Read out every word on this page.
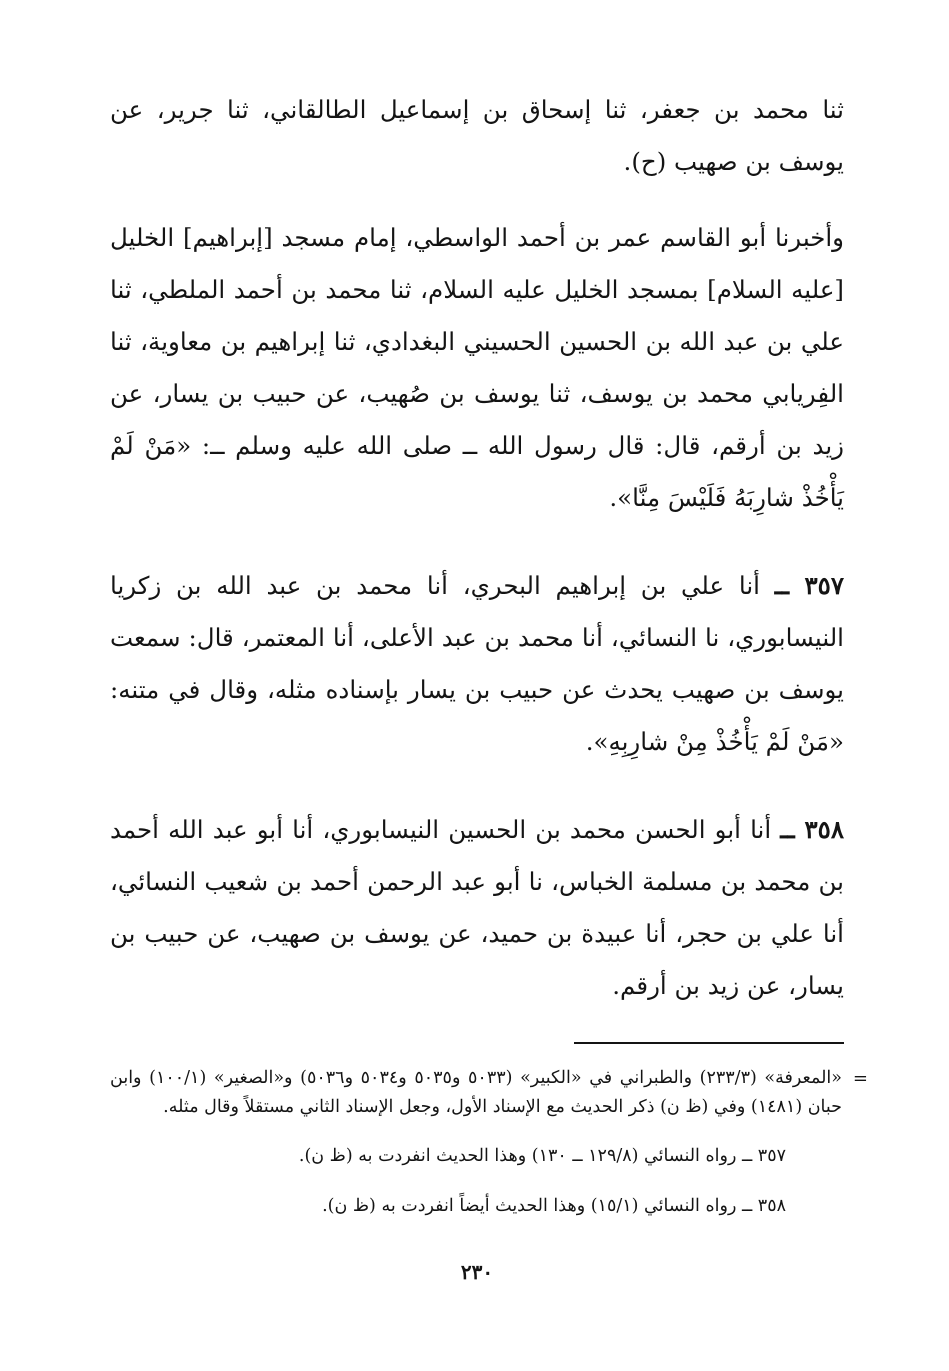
ثنا محمد بن جعفر، ثنا إسحاق بن إسماعيل الطالقاني، ثنا جرير، عن يوسف بن صهيب (ح).

وأخبرنا أبو القاسم عمر بن أحمد الواسطي، إمام مسجد [إبراهيم] الخليل [عليه السلام] بمسجد الخليل عليه السلام، ثنا محمد بن أحمد الملطي، ثنا علي بن عبد الله بن الحسين الحسيني البغدادي، ثنا إبراهيم بن معاوية، ثنا الفِريابي محمد بن يوسف، ثنا يوسف بن صُهيب، عن حبيب بن يسار، عن زيد بن أرقم، قال: قال رسول الله ــ صلى الله عليه وسلم ــ: «مَنْ لَمْ يَأْخُذْ شارِبَهُ فَلَيْسَ مِنَّا».

٣٥٧ ــ أنا علي بن إبراهيم البحري، أنا محمد بن عبد الله بن زكريا النيسابوري، نا النسائي، أنا محمد بن عبد الأعلى، أنا المعتمر، قال: سمعت يوسف بن صهيب يحدث عن حبيب بن يسار بإسناده مثله، وقال في متنه: «مَنْ لَمْ يَأْخُذْ مِنْ شارِبِهِ».

٣٥٨ ــ أنا أبو الحسن محمد بن الحسين النيسابوري، أنا أبو عبد الله أحمد بن محمد بن مسلمة الخباس، نا أبو عبد الرحمن أحمد بن شعيب النسائي، أنا علي بن حجر، أنا عبيدة بن حميد، عن يوسف بن صهيب، عن حبيب بن يسار، عن زيد بن أرقم.

=
«المعرفة» (٢٣٣/٣) والطبراني في «الكبير» (٥٠٣٣ و٥٠٣٥ و٥٠٣٤ و٥٠٣٦) و«الصغير» (١٠٠/١) وابن حبان (١٤٨١) وفي (ظ ن) ذكر الحديث مع الإسناد الأول، وجعل الإسناد الثاني مستقلاً وقال مثله.

٣٥٧ ــ رواه النسائي (١٢٩/٨ ــ ١٣٠) وهذا الحديث انفردت به (ظ ن).

٣٥٨ ــ رواه النسائي (١٥/١) وهذا الحديث أيضاً انفردت به (ظ ن).

٢٣٠
